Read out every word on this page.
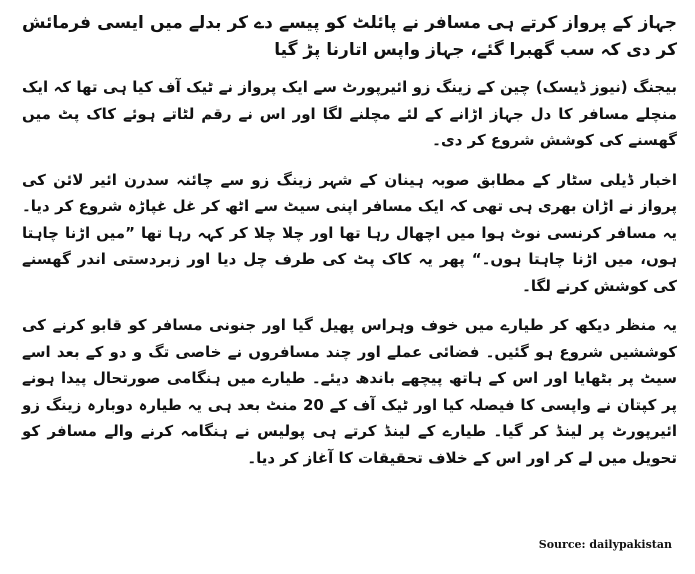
جہاز کے پرواز کرتے ہی مسافر نے پائلٹ کو پیسے دے کر بدلے میں ایسی فرمائش کر دی کہ سب گھبرا گئے، جہاز واپس اتارنا پڑ گیا

بیجنگ (نیوز ڈیسک) چین کے زینگ زو ائیرپورٹ سے ایک پرواز نے ٹیک آف کیا ہی تھا کہ ایک منچلے مسافر کا دل جہاز اڑانے کے لئے مچلنے لگا اور اس نے رقم لٹاتے ہوئے کاک پٹ میں گھسنے کی کوشش شروع کر دی۔

اخبار ڈیلی سٹار کے مطابق صوبہ ہینان کے شہر زینگ زو سے چائنہ سدرن ائیر لائن کی پرواز نے اڑان بھری ہی تھی کہ ایک مسافر اپنی سیٹ سے اٹھ کر غل غپاڑہ شروع کر دیا۔ یہ مسافر کرنسی نوٹ ہوا میں اچھال رہا تھا اور چلا چلا کر کہہ رہا تھا ”میں اڑنا چاہتا ہوں، میں اڑنا چاہتا ہوں۔“ پھر یہ کاک پٹ کی طرف چل دیا اور زبردستی اندر گھسنے کی کوشش کرنے لگا۔

یہ منظر دیکھ کر طیارے میں خوف وہراس پھیل گیا اور جنونی مسافر کو قابو کرنے کی کوششیں شروع ہو گئیں۔ فضائی عملے اور چند مسافروں نے خاصی تگ و دو کے بعد اسے سیٹ پر بٹھایا اور اس کے ہاتھ پیچھے باندھ دیئے۔ طیارے میں ہنگامی صورتحال پیدا ہونے پر کپتان نے واپسی کا فیصلہ کیا اور ٹیک آف کے 20 منٹ بعد ہی یہ طیارہ دوبارہ زینگ زو ائیرپورٹ پر لینڈ کر گیا۔ طیارے کے لینڈ کرتے ہی پولیس نے ہنگامہ کرنے والے مسافر کو تحویل میں لے کر اور اس کے خلاف تحقیقات کا آغاز کر دیا۔

Source: dailypakistan
